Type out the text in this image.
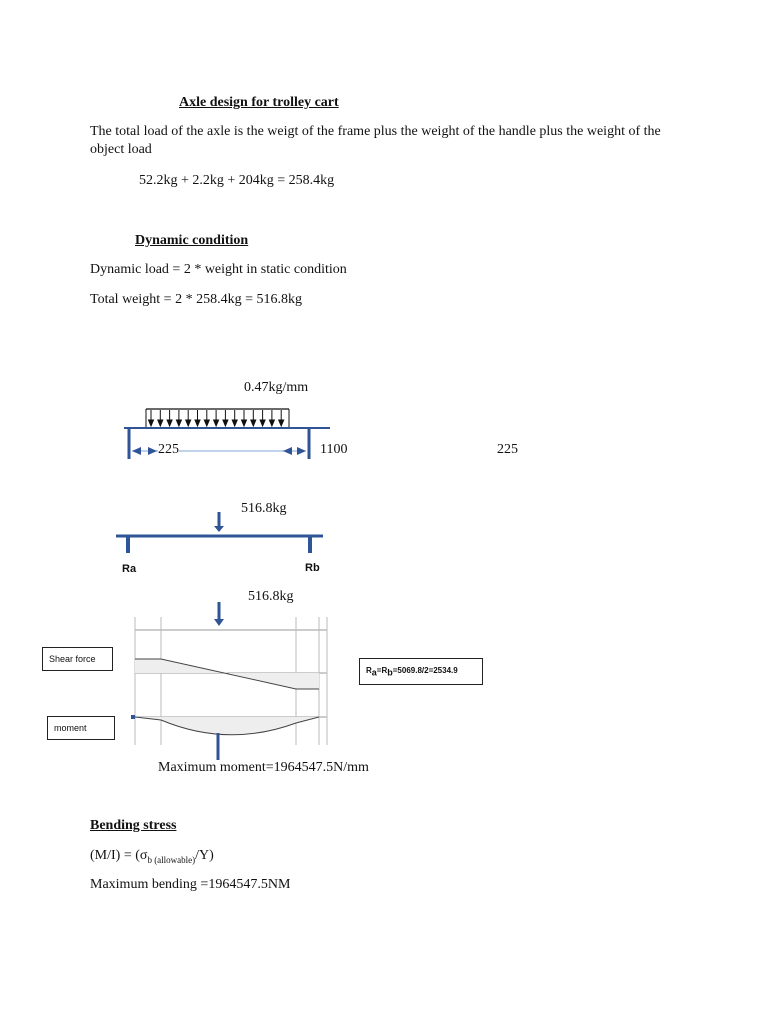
Axle design for trolley cart
The total load of the axle is the weigt of the frame plus the weight of the handle plus the weight of the object load
52.2kg + 2.2kg + 204kg = 258.4kg
Dynamic condition
Dynamic load = 2 * weight in static condition
Total weight = 2 * 258.4kg = 516.8kg
0.47kg/mm
225	1100	225
516.8kg
Ra	Rb
516.8kg
Shear force
moment
$R_a=R_b=5069.8/2=2534.9$
Maximum moment=1964547.5N/mm
Bending stress
$(M/I) = (\sigma_{b (allowable)}/Y)$
Maximum bending =1964547.5NM
